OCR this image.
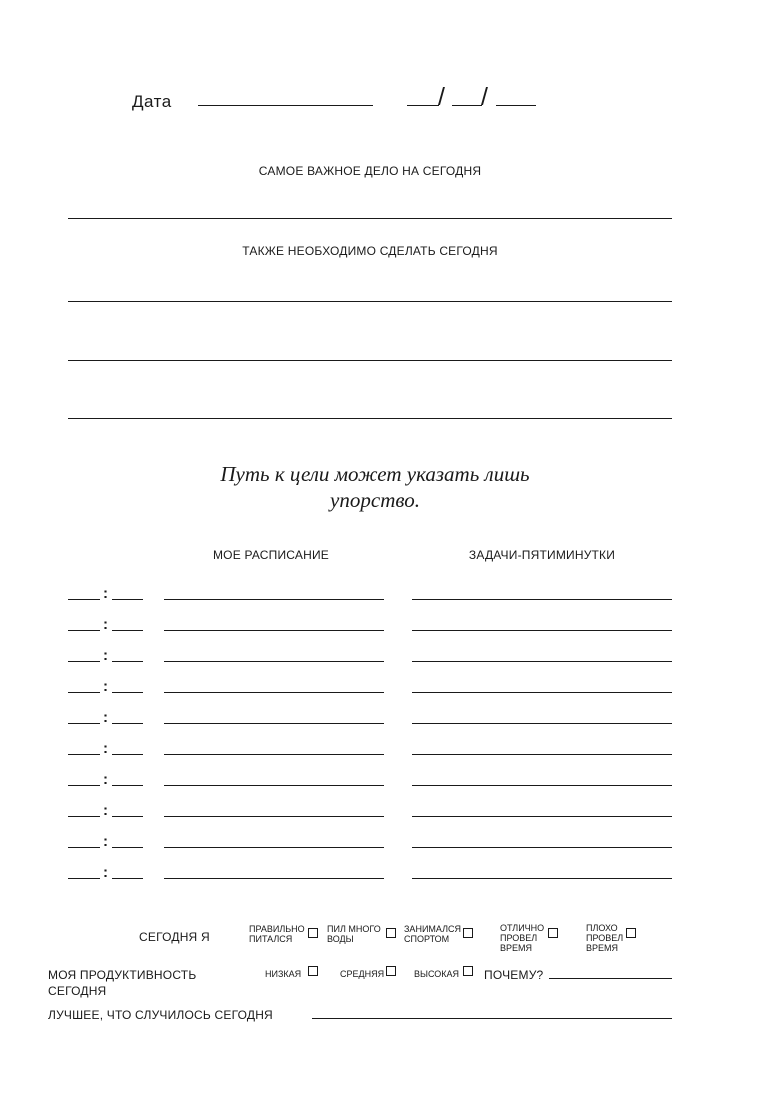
Дата	/ /
САМОЕ ВАЖНОЕ ДЕЛО НА СЕГОДНЯ
ТАКЖЕ НЕОБХОДИМО СДЕЛАТЬ СЕГОДНЯ
Путь к цели может указать лишь
упорство.
МОЕ РАСПИСАНИЕ	ЗАДАЧИ-ПЯТИМИНУТКИ
:
:
:
:
:
:
:
:
:
:
СЕГОДНЯ Я
ПРАВИЛЬНО
ПИТАЛСЯ
ПИЛ МНОГО
ВОДЫ
ЗАНИМАЛСЯ
СПОРТОМ
ОТЛИЧНО
ПРОВЕЛ
ВРЕМЯ
ПЛОХО
ПРОВЕЛ
ВРЕМЯ
МОЯ ПРОДУКТИВНОСТЬ
СЕГОДНЯ
НИЗКАЯ	СРЕДНЯЯ	ВЫСОКАЯ ПОЧЕМУ?
ЛУЧШЕЕ, ЧТО СЛУЧИЛОСЬ СЕГОДНЯ
